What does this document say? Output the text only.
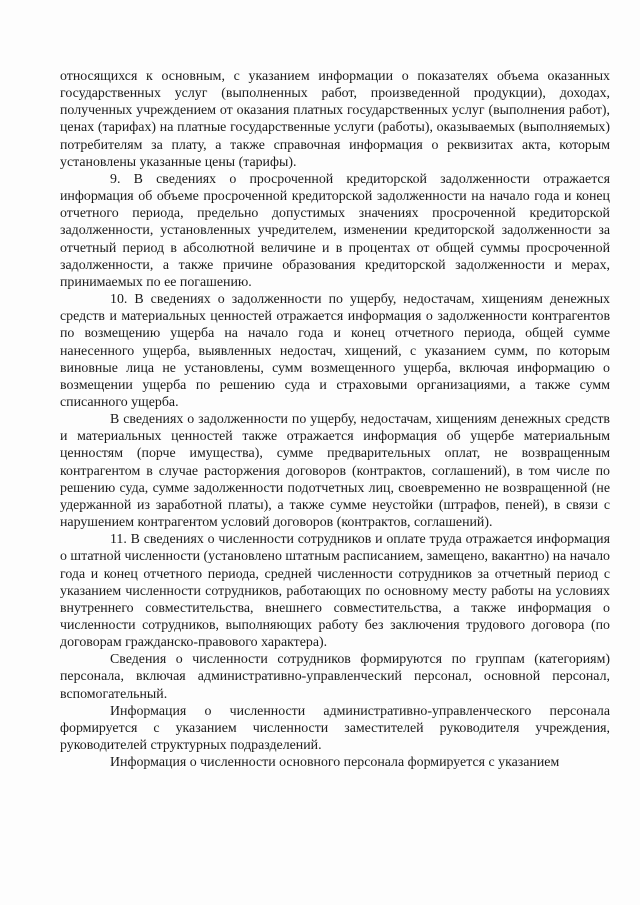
относящихся к основным, с указанием информации о показателях объема оказанных государственных услуг (выполненных работ, произведенной продукции), доходах, полученных учреждением от оказания платных государственных услуг (выполнения работ), ценах (тарифах) на платные государственные услуги (работы), оказываемых (выполняемых) потребителям за плату, а также справочная информация о реквизитах акта, которым установлены указанные цены (тарифы).

9. В сведениях о просроченной кредиторской задолженности отражается информация об объеме просроченной кредиторской задолженности на начало года и конец отчетного периода, предельно допустимых значениях просроченной кредиторской задолженности, установленных учредителем, изменении кредиторской задолженности за отчетный период в абсолютной величине и в процентах от общей суммы просроченной задолженности, а также причине образования кредиторской задолженности и мерах, принимаемых по ее погашению.

10. В сведениях о задолженности по ущербу, недостачам, хищениям денежных средств и материальных ценностей отражается информация о задолженности контрагентов по возмещению ущерба на начало года и конец отчетного периода, общей сумме нанесенного ущерба, выявленных недостач, хищений, с указанием сумм, по которым виновные лица не установлены, сумм возмещенного ущерба, включая информацию о возмещении ущерба по решению суда и страховыми организациями, а также сумм списанного ущерба.

В сведениях о задолженности по ущербу, недостачам, хищениям денежных средств и материальных ценностей также отражается информация об ущербе материальным ценностям (порче имущества), сумме предварительных оплат, не возвращенным контрагентом в случае расторжения договоров (контрактов, соглашений), в том числе по решению суда, сумме задолженности подотчетных лиц, своевременно не возвращенной (не удержанной из заработной платы), а также сумме неустойки (штрафов, пеней), в связи с нарушением контрагентом условий договоров (контрактов, соглашений).

11. В сведениях о численности сотрудников и оплате труда отражается информация о штатной численности (установлено штатным расписанием, замещено, вакантно) на начало года и конец отчетного периода, средней численности сотрудников за отчетный период с указанием численности сотрудников, работающих по основному месту работы на условиях внутреннего совместительства, внешнего совместительства, а также информация о численности сотрудников, выполняющих работу без заключения трудового договора (по договорам гражданско-правового характера).

Сведения о численности сотрудников формируются по группам (категориям) персонала, включая административно-управленческий персонал, основной персонал, вспомогательный.

Информация о численности административно-управленческого персонала формируется с указанием численности заместителей руководителя учреждения, руководителей структурных подразделений.

Информация о численности основного персонала формируется с указанием
